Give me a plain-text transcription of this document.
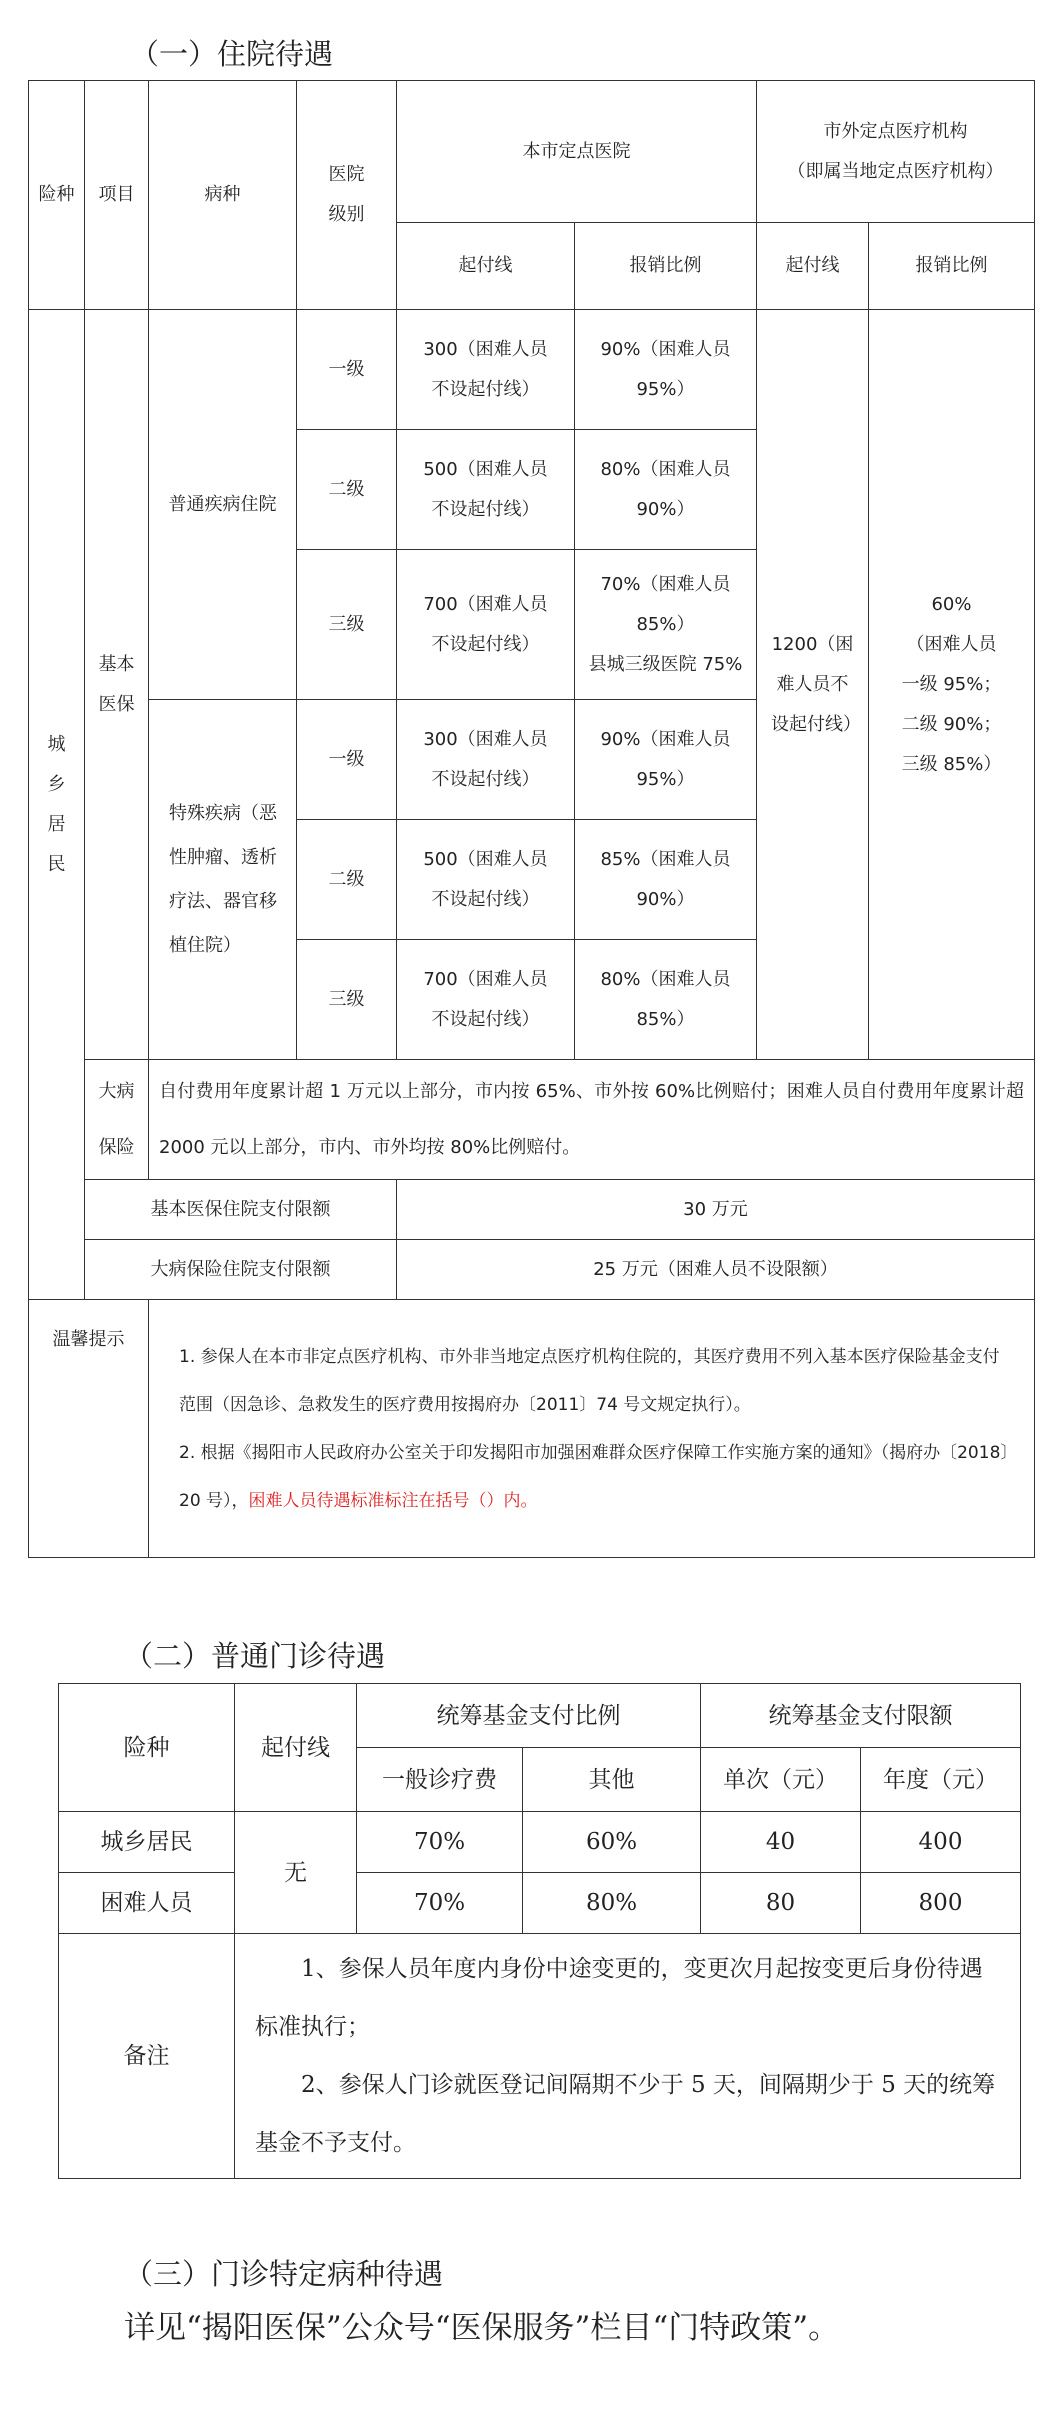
（一）住院待遇
险种	项目	病种	医院级别	本市定点医院		市外定点医疗机构
（即属当地定点医疗机构）	

				起付线	报销比例	起付线	报销比例
城乡居民	基本医保	普通疾病住院	一级	300（困难人员不设起付线）	90%（困难人员 95%）	1200（困难人员不设起付线）	60%
（困难人员
一级 95%；
二级 90%；
三级 85%）

			二级	500（困难人员不设起付线）	80%（困难人员 90%）		
			三级	700（困难人员不设起付线）	70%（困难人员 85%）
县城三级医院 75%		

		特殊疾病（恶性肿瘤、透析疗法、器官移植住院）	一级	300（困难人员不设起付线）	90%（困难人员 95%）		
			二级	500（困难人员不设起付线）	85%（困难人员 90%）		
			三级	700（困难人员不设起付线）	80%（困难人员 85%）		
	大病保险	自付费用年度累计超 1 万元以上部分，市内按 65%、市外按 60%比例赔付；困难人员自付费用年度累计超 2000 元以上部分，市内、市外均按 80%比例赔付。					
	基本医保住院支付限额			30 万元			
	大病保险住院支付限额			25 万元（困难人员不设限额）			
温馨提示		1. 参保人在本市非定点医疗机构、市外非当地定点医疗机构住院的，其医疗费用不列入基本医疗保险基金支付范围（因急诊、急救发生的医疗费用按揭府办〔2011〕74 号文规定执行）。
2. 根据《揭阳市人民政府办公室关于印发揭阳市加强困难群众医疗保障工作实施方案的通知》（揭府办〔2018〕20 号），困难人员待遇标准标注在括号（）内。					
（二）普通门诊待遇
险种	起付线	统筹基金支付比例		统筹基金支付限额	
		一般诊疗费	其他	单次（元）	年度（元）
城乡居民	无	70%	60%	40	400
困难人员		70%	80%	80	800
备注	1、参保人员年度内身份中途变更的，变更次月起按变更后身份待遇标准执行；
2、参保人门诊就医登记间隔期不少于 5 天，间隔期少于 5 天的统筹基金不予支付。				
（三）门诊特定病种待遇
详见“揭阳医保”公众号“医保服务”栏目“门特政策”。
